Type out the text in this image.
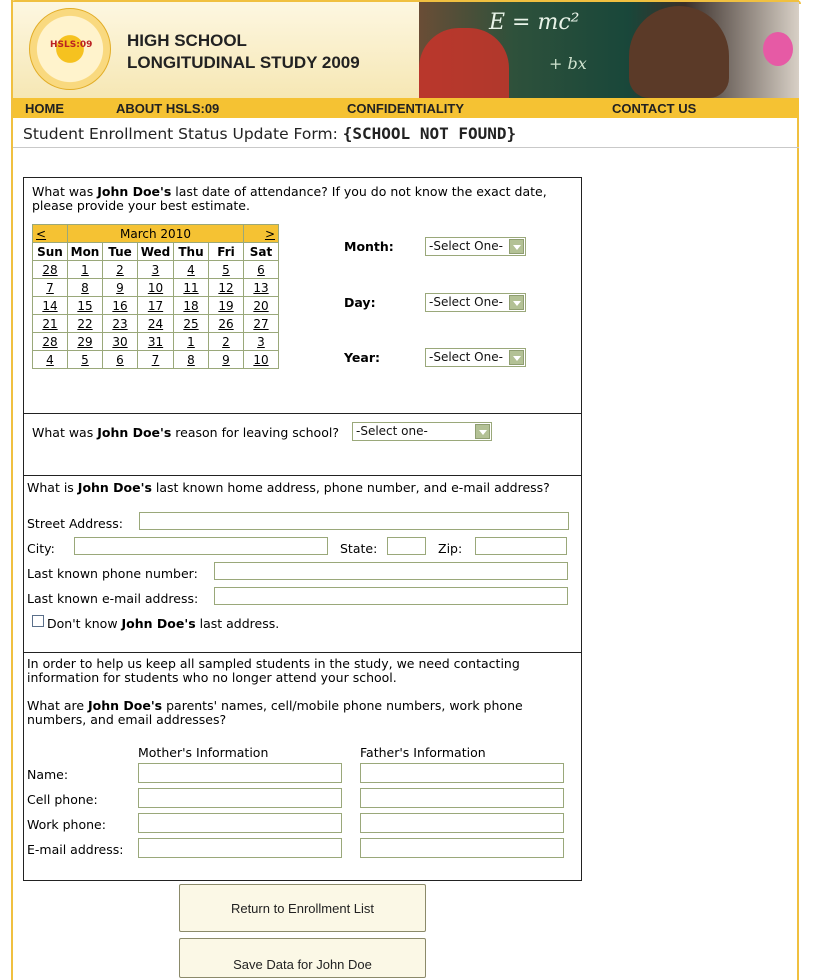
HSLS:09 HIGH SCHOOL
LONGITUDINAL STUDY 2009
E = mc²
+ bx
HOME	ABOUT HSLS:09	CONFIDENTIALITY	CONTACT US
Student Enrollment Status Update Form: {SCHOOL NOT FOUND}
What was John Doe's last date of attendance? If you do not know the exact date,
please provide your best estimate.
<	March 2010					>
Sun	Mon	Tue	Wed	Thu	Fri	Sat
28	1	2	3	4	5	6
7	8	9	10	11	12	13
14	15	16	17	18	19	20
21	22	23	24	25	26	27
28	29	30	31	1	2	3
4	5	6	7	8	9	10
Month:	-Select One-
Day:	-Select One-
Year:	-Select One-
What was John Doe's reason for leaving school?	-Select one-
What is John Doe's last known home address, phone number, and e-mail address?
Street Address:
City:	State:	Zip:
Last known phone number:
Last known e-mail address:
Don't know John Doe's last address.
In order to help us keep all sampled students in the study, we need contacting
information for students who no longer attend your school.
What are John Doe's parents' names, cell/mobile phone numbers, work phone
numbers, and email addresses?
Mother's Information	Father's Information
Name:
Cell phone:
Work phone:
E-mail address:
Return to Enrollment List
Save Data for John Doe
